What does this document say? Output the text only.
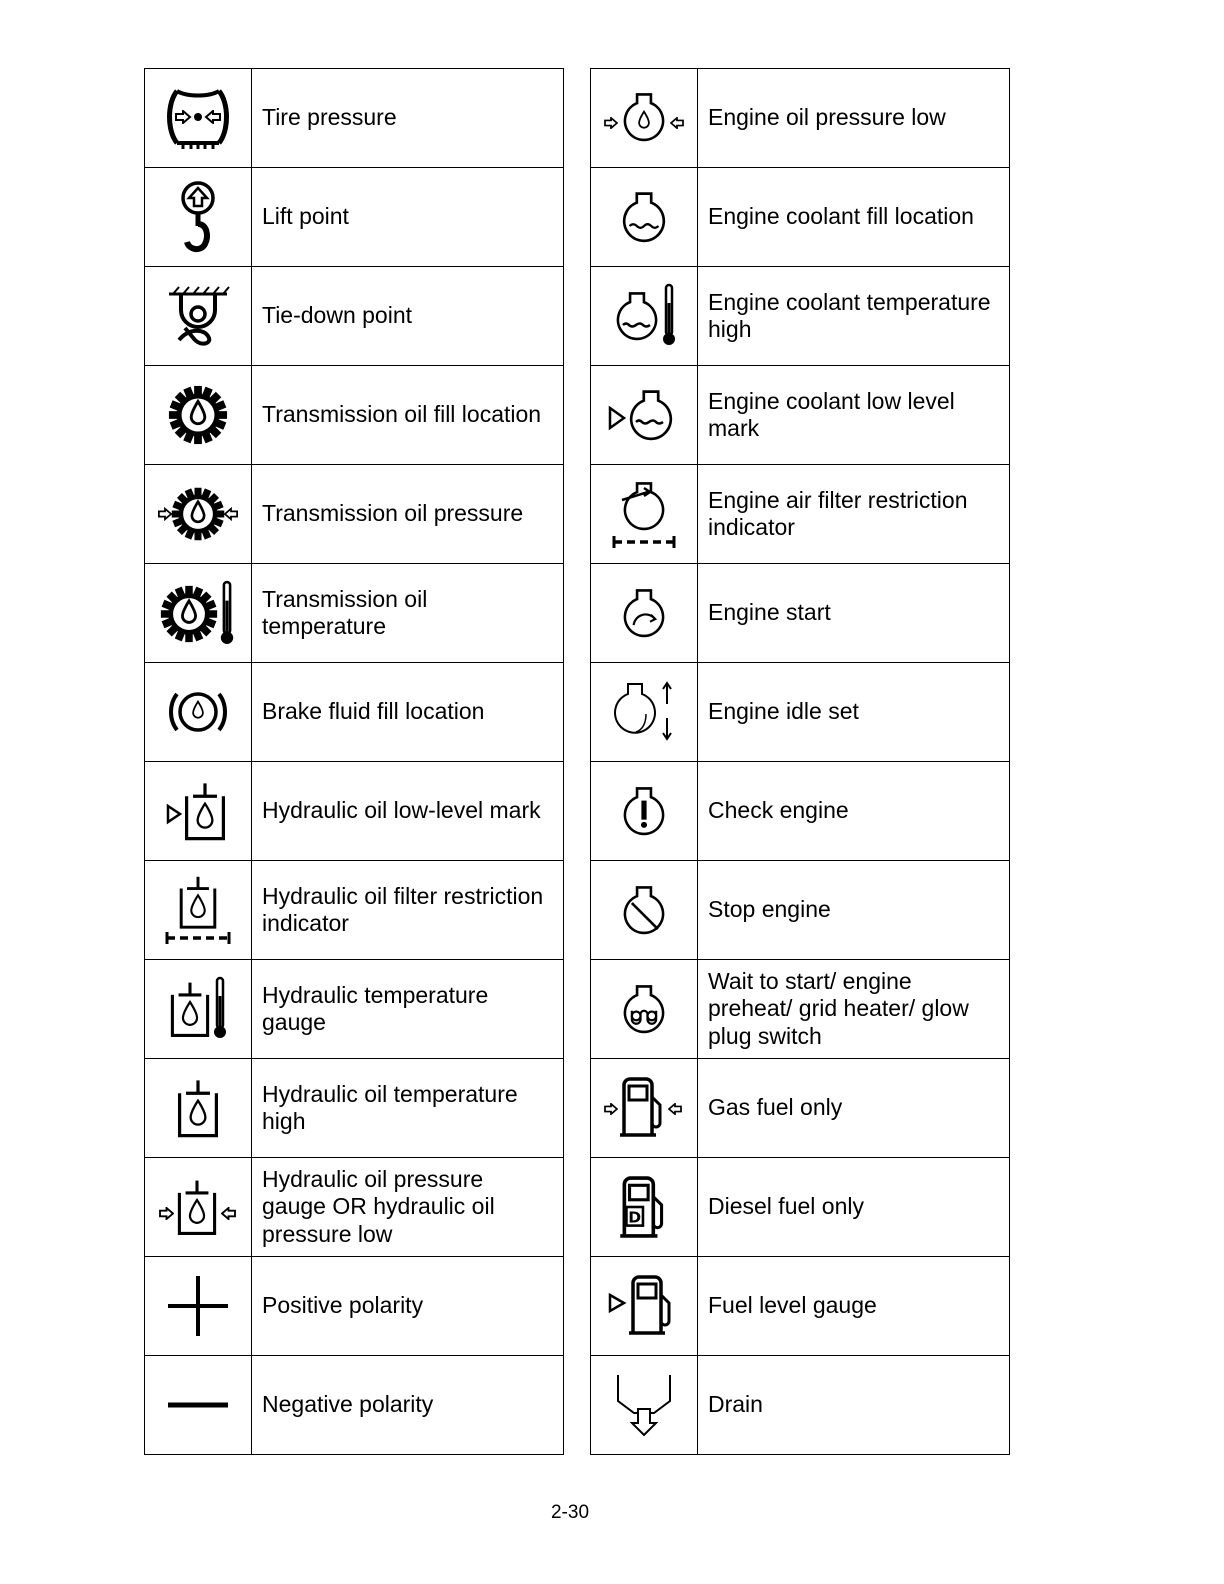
	Tire pressure

	Lift point

	Tie-down point

	Transmission oil fill location

	Transmission oil pressure

	Transmission oil temperature

	Brake fluid fill location

	Hydraulic oil low-level mark

	Hydraulic oil filter restriction indicator

	Hydraulic temperature gauge

	Hydraulic oil temperature high

	Hydraulic oil pressure gauge OR hydraulic oil pressure low

	Positive polarity

	Negative polarity
	Engine oil pressure low

	Engine coolant fill location

	Engine coolant temperature high

	Engine coolant low level mark

	Engine air filter restriction indicator

	Engine start

	Engine idle set

	Check engine

	Stop engine

	Wait to start/ engine preheat/ grid heater/ glow plug switch

	Gas fuel only

D	Diesel fuel only

	Fuel level gauge

	Drain
2-30
